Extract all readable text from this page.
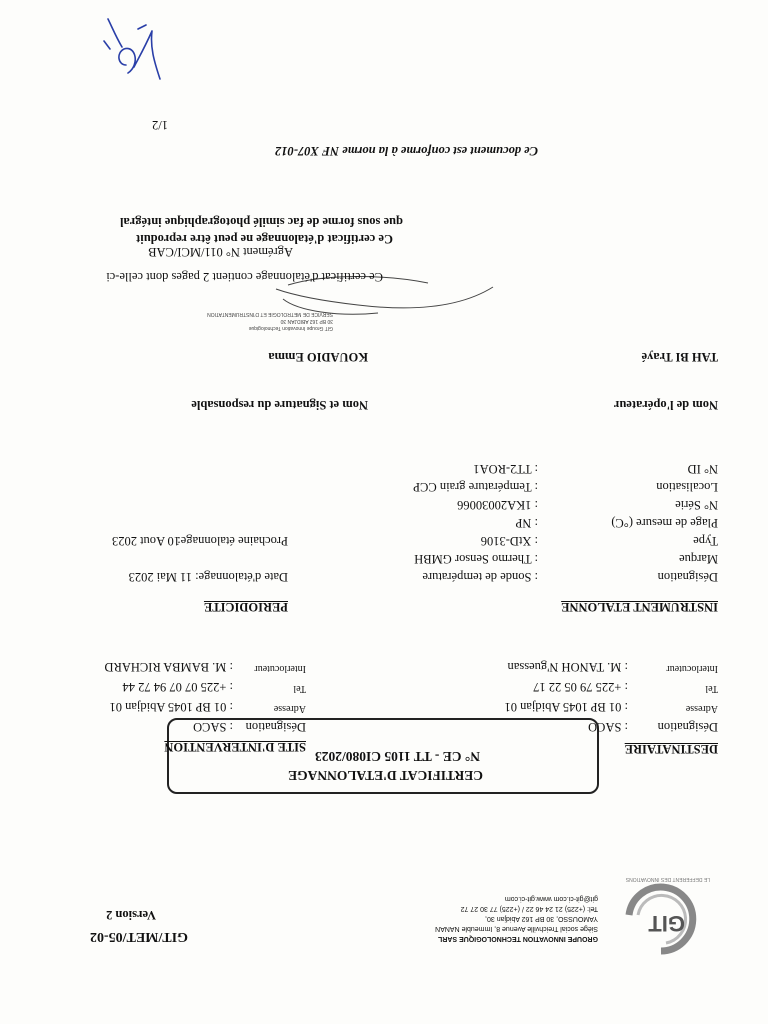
GIT
LE DEFFERENT DES INNOVATIONS
GROUPE INNOVATION TECHNOLOGIQUE SARL
Siège social Treichville Avenue 8, Immeuble NANAN
YAMOUSSO, 30 BP 162 Abidjan 30,
Tel: (+225) 21 24 46 22 / (+225) 77 30 27 72
git@git-ci.com www.git-ci.com
GIT/MET/05-02
Version 2
CERTIFICAT D'ETALONNAGE
N° CE - TT 1105 CI080/2023	DESTINATAIRE
Désignation
: SACO
Adresse
: 01 BP 1045 Abidjan 01
Tel
: +225 79 05 22 17
Interlocuteur
: M. TANOH N'guessan
SITE D'INTERVENTION
Désignation
: SACO
Adresse
: 01 BP 1045 Abidjan 01
Tel
: +225 07 07 94 72 44
Interlocuteur
: M. BAMBA RICHARD
INSTRUMENT ETALONNE
Désignation
: Sonde de température
Marque
: Thermo Sensor GMBH
Type
: XtD-3106
Plage de mesure (°C)
: NP
N° Série
: 1KA20030066
Localisation
: Température grain CCP
N° ID
: TT2-ROA1
PERIODICITE
Date d'étalonnage:
11 Mai 2023
Prochaine étalonnage:
10 Aout 2023
Nom de l'opérateur
TAH BI Trayé
Nom et Signature du responsable
KOUADIO Emma
GIT Groupe Innovation Technologique
30 BP 162 ABIDJAN 30
SERVICE DE METROLOGIE ET D'INSTRUMENTATION
Ce certificat d'étalonnage contient 2 pages dont celle-ci
Agrément N° 011/MCI/CAB
Ce certificat d'étalonnage ne peut être reproduit
que sous forme de fac similé photographique intégral
Ce document est conforme à la norme NF X07-012
1/2
